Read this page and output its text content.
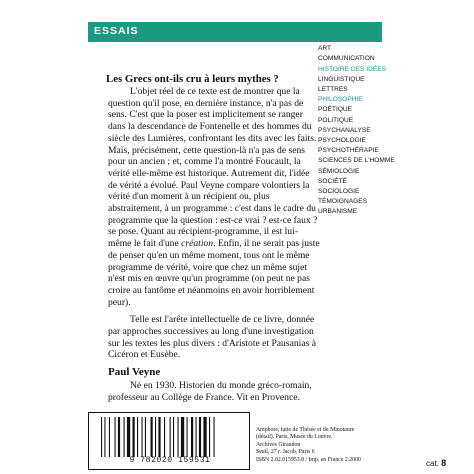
ESSAIS
ANTHROPOLOGIE
ART
COMMUNICATION
HISTOIRE DES IDÉES
LINGUISTIQUE
LETTRES
PHILOSOPHIE
POÉTIQUE
POLITIQUE
PSYCHANALYSE
PSYCHOLOGIE
PSYCHOTHÉRAPIE
SCIENCES DE L'HOMME
SÉMIOLOGIE
SOCIÉTÉ
SOCIOLOGIE
TÉMOIGNAGES
URBANISME
Les Grecs ont-ils cru à leurs mythes ?

L'objet réel de ce texte est de montrer que la question qu'il pose, en dernière instance, n'a pas de sens. C'est que la poser est implicitement se ranger dans la descendance de Fontenelle et des hommes du siècle des Lumières, confrontant les dits avec les faits. Mais, précisément, cette question-là n'a pas de sens pour un ancien ; et, comme l'a montré Foucault, la vérité elle-même est historique. Autrement dit, l'idée de vérité a évolué. Paul Veyne compare volontiers la vérité d'un moment à un récipient ou, plus abstraitement, à un programme : c'est dans le cadre du programme que la question : est-ce vrai ? est-ce faux ? se pose. Quant au récipient-programme, il est lui-même le fait d'une création. Enfin, il ne serait pas juste de penser qu'en un même moment, tous ont le même programme de vérité, voire que chez un même sujet n'est mis en œuvre qu'un programme (on peut ne pas croire au fantôme et néanmoins en avoir horriblement peur).

Telle est l'arête intellectuelle de ce livre, donnée par approches successives au long d'une investigation sur les textes les plus divers : d'Aristote et Pausanias à Cicéron et Eusèbe.

Paul Veyne
Né en 1930. Historien du monde gréco-romain, professeur au Collège de France. Vit en Provence.
9 782020 159531
Amphore, lutte de Thésée et du Minotaure
(détail). Paris, Musée du Louvre.
Archives Giraudon
Seuil, 27 r. Jacob, Paris 6
ISBN 2.02.015953.8 / Imp. en France 2.2000	cat. 8
